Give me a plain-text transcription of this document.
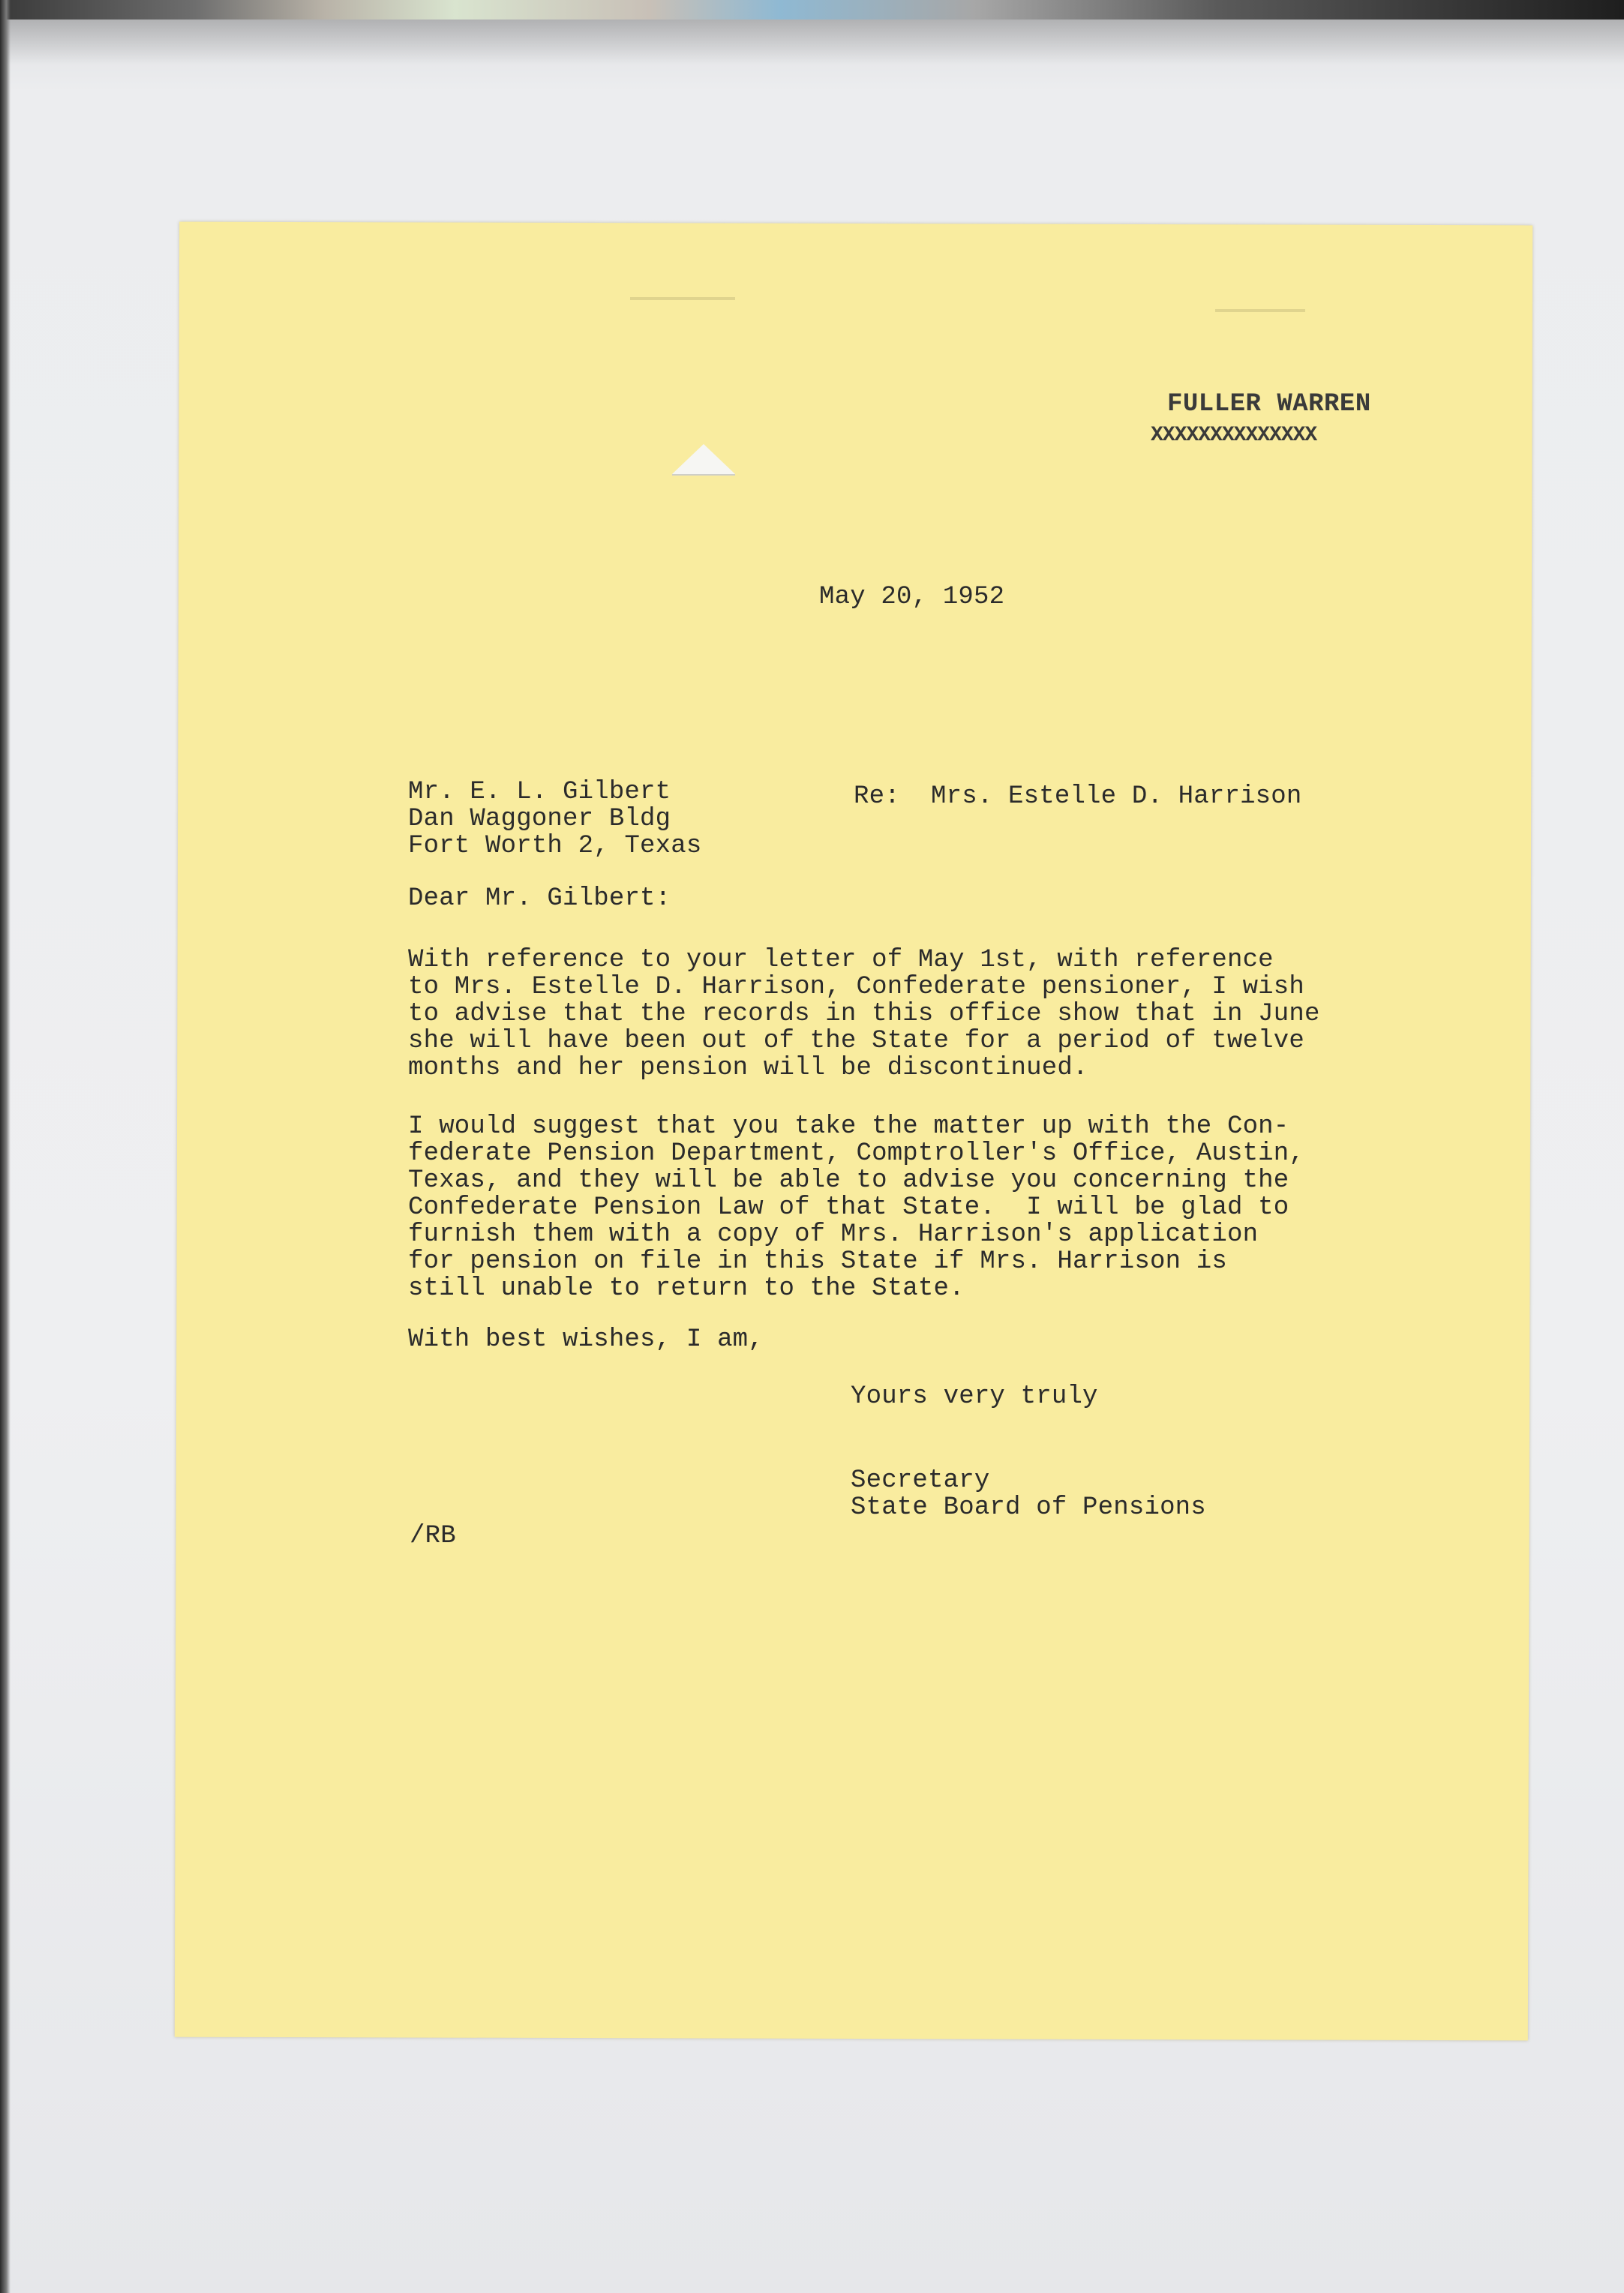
FULLER WARREN
XXXXXXXXXXXXXX
May 20, 1952
Mr. E. L. Gilbert
Dan Waggoner Bldg
Fort Worth 2, Texas
Re:  Mrs. Estelle D. Harrison
Dear Mr. Gilbert:
With reference to your letter of May 1st, with reference
to Mrs. Estelle D. Harrison, Confederate pensioner, I wish
to advise that the records in this office show that in June
she will have been out of the State for a period of twelve
months and her pension will be discontinued.
I would suggest that you take the matter up with the Con-
federate Pension Department, Comptroller's Office, Austin,
Texas, and they will be able to advise you concerning the
Confederate Pension Law of that State.  I will be glad to
furnish them with a copy of Mrs. Harrison's application
for pension on file in this State if Mrs. Harrison is
still unable to return to the State.
With best wishes, I am,
Yours very truly
Secretary
State Board of Pensions
/RB
